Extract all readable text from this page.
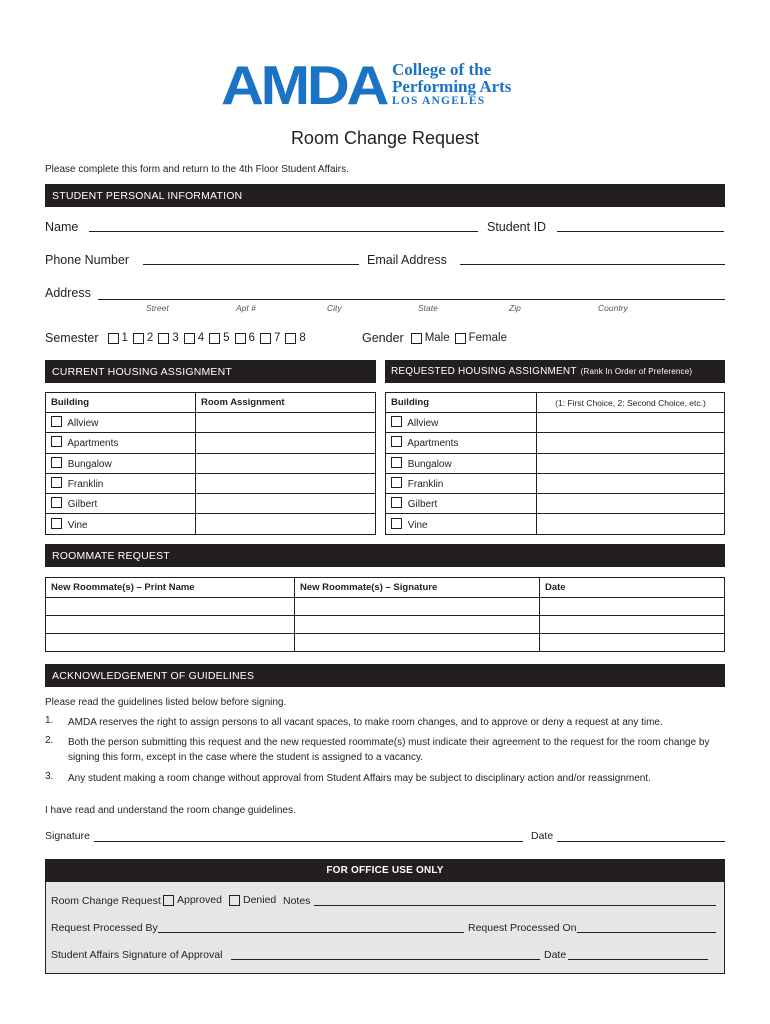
AMDA College of the
Performing Arts
LOS ANGELES
Room Change Request
Please complete this form and return to the 4th Floor Student Affairs.
STUDENT PERSONAL INFORMATION
Name	Student ID
Phone Number	Email Address
Address
Street	Apt #	City	State	Zip	Country
Semester 1 2 3 4 5 6 7 8	Gender Male Female
CURRENT HOUSING ASSIGNMENT	REQUESTED HOUSING ASSIGNMENT (Rank In Order of Preference)
Building	Room Assignment
Allview	
Apartments	
Bungalow	
Franklin	
Gilbert	
Vine	
Building	(1: First Choice, 2: Second Choice, etc.)
Allview	
Apartments	
Bungalow	
Franklin	
Gilbert	
Vine	
ROOMMATE REQUEST
New Roommate(s) – Print Name	New Roommate(s) – Signature	Date

ACKNOWLEDGEMENT OF GUIDELINES
Please read the guidelines listed below before signing.
1. AMDA reserves the right to assign persons to all vacant spaces, to make room changes, and to approve or deny a request at any time.
2. Both the person submitting this request and the new requested roommate(s) must indicate their agreement to the request for the room change by signing this form, except in the case where the student is assigned to a vacancy.
3. Any student making a room change without approval from Student Affairs may be subject to disciplinary action and/or reassignment.
I have read and understand the room change guidelines.
Signature	Date
FOR OFFICE USE ONLY
Room Change Request Approved Denied Notes
Request Processed By	Request Processed On
Student Affairs Signature of Approval	Date
